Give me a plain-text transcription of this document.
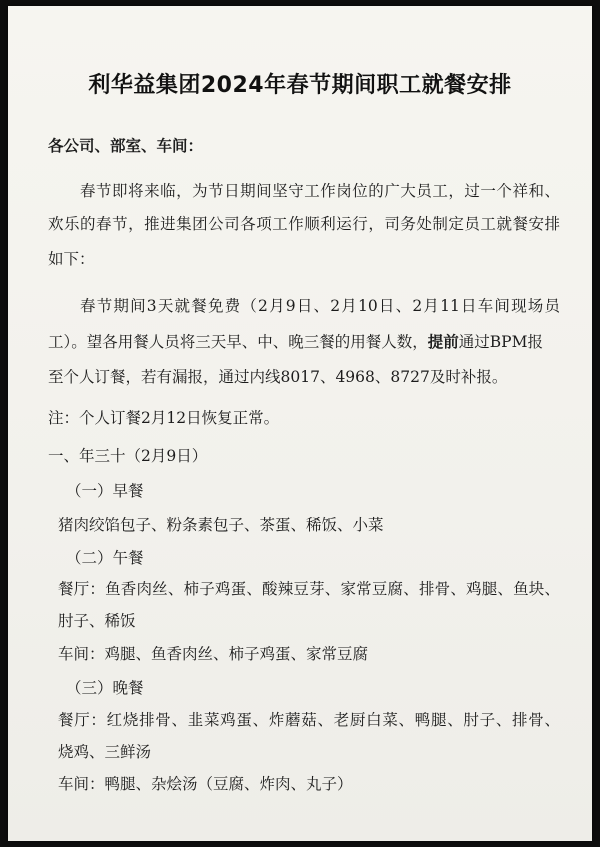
利华益集团2024年春节期间职工就餐安排
各公司、部室、车间：
春节即将来临，为节日期间坚守工作岗位的广大员工，过一个祥和、
欢乐的春节，推进集团公司各项工作顺利运行，司务处制定员工就餐安排
如下：
春节期间3天就餐免费（2月9日、2月10日、2月11日车间现场员
工）。望各用餐人员将三天早、中、晚三餐的用餐人数，提前通过BPM报
至个人订餐，若有漏报，通过内线8017、4968、8727及时补报。
注：个人订餐2月12日恢复正常。
一、年三十（2月9日）
（一）早餐
猪肉绞馅包子、粉条素包子、茶蛋、稀饭、小菜
（二）午餐
餐厅：鱼香肉丝、柿子鸡蛋、酸辣豆芽、家常豆腐、排骨、鸡腿、鱼块、
肘子、稀饭
车间：鸡腿、鱼香肉丝、柿子鸡蛋、家常豆腐
（三）晚餐
餐厅：红烧排骨、韭菜鸡蛋、炸蘑菇、老厨白菜、鸭腿、肘子、排骨、
烧鸡、三鲜汤
车间：鸭腿、杂烩汤（豆腐、炸肉、丸子）
